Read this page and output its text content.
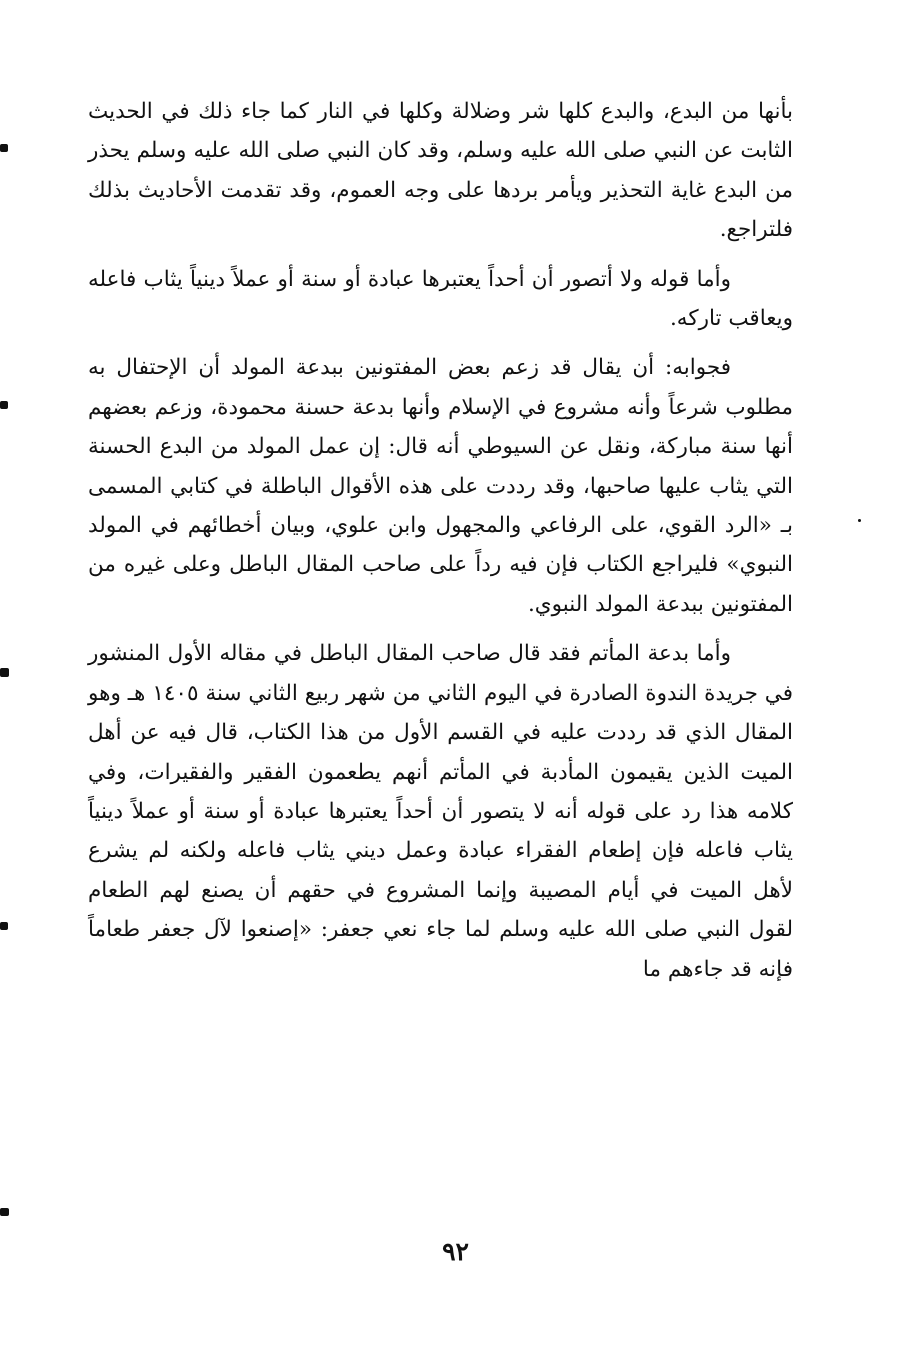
بأنها من البدع، والبدع كلها شر وضلالة وكلها في النار كما جاء ذلك في الحديث الثابت عن النبي صلى الله عليه وسلم، وقد كان النبي صلى الله عليه وسلم يحذر من البدع غاية التحذير ويأمر بردها على وجه العموم، وقد تقدمت الأحاديث بذلك فلتراجع.

وأما قوله ولا أتصور أن أحداً يعتبرها عبادة أو سنة أو عملاً دينياً يثاب فاعله ويعاقب تاركه.

فجوابه: أن يقال قد زعم بعض المفتونين ببدعة المولد أن الإحتفال به مطلوب شرعاً وأنه مشروع في الإسلام وأنها بدعة حسنة محمودة، وزعم بعضهم أنها سنة مباركة، ونقل عن السيوطي أنه قال: إن عمل المولد من البدع الحسنة التي يثاب عليها صاحبها، وقد رددت على هذه الأقوال الباطلة في كتابي المسمى بـ «الرد القوي، على الرفاعي والمجهول وابن علوي، وبيان أخطائهم في المولد النبوي» فليراجع الكتاب فإن فيه رداً على صاحب المقال الباطل وعلى غيره من المفتونين ببدعة المولد النبوي.

وأما بدعة المأتم فقد قال صاحب المقال الباطل في مقاله الأول المنشور في جريدة الندوة الصادرة في اليوم الثاني من شهر ربيع الثاني سنة ١٤٠٥ هـ وهو المقال الذي قد رددت عليه في القسم الأول من هذا الكتاب، قال فيه عن أهل الميت الذين يقيمون المأدبة في المأتم أنهم يطعمون الفقير والفقيرات، وفي كلامه هذا رد على قوله أنه لا يتصور أن أحداً يعتبرها عبادة أو سنة أو عملاً دينياً يثاب فاعله فإن إطعام الفقراء عبادة وعمل ديني يثاب فاعله ولكنه لم يشرع لأهل الميت في أيام المصيبة وإنما المشروع في حقهم أن يصنع لهم الطعام لقول النبي صلى الله عليه وسلم لما جاء نعي جعفر: «إصنعوا لآل جعفر طعاماً فإنه قد جاءهم ما

٩٢
